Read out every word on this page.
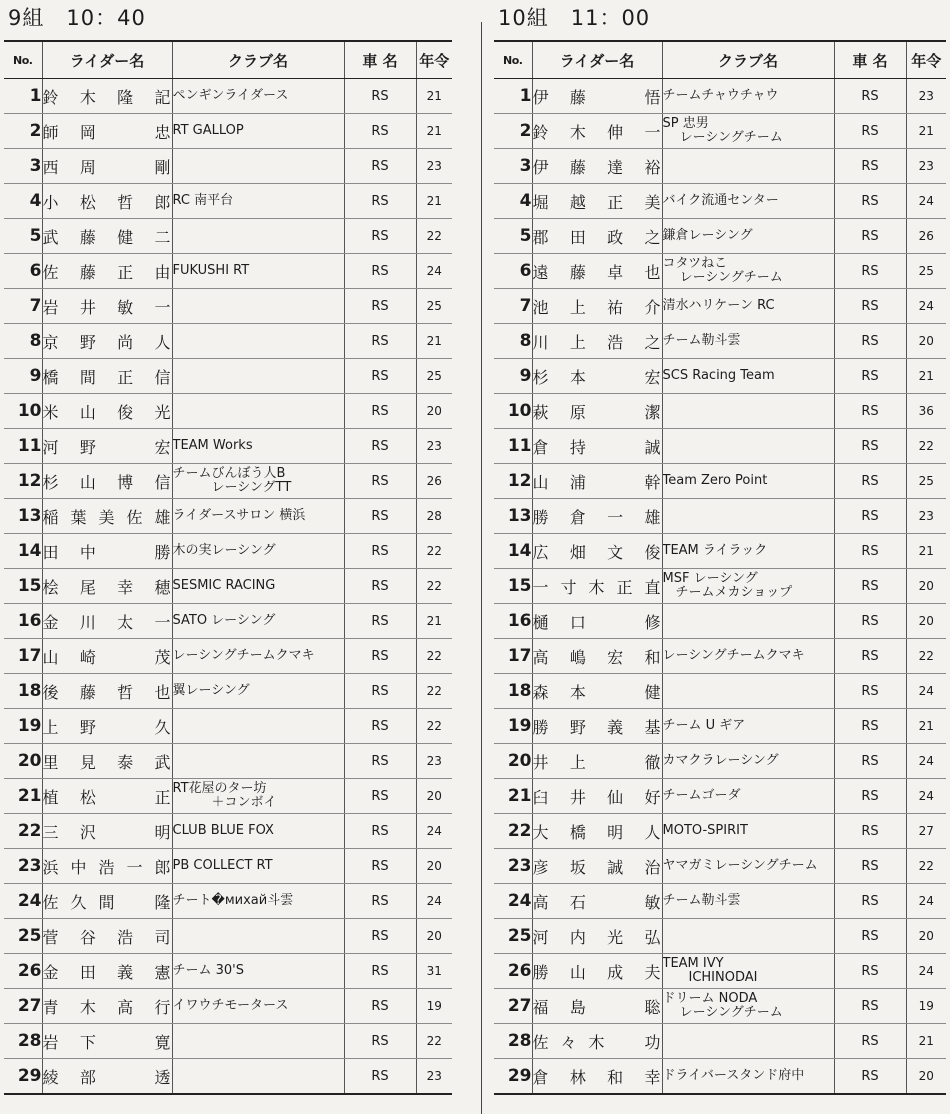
9組　10：40
No.	ライダー名	クラブ名	車 名	年令
1	鈴木隆記	ペンギンライダース	RS	21
2	師岡　忠	RT GALLOP	RS	21
3	西周　剛		RS	23
4	小松哲郎	RC 南平台	RS	21
5	武藤健二		RS	22
6	佐藤正由	FUKUSHI RT	RS	24
7	岩井敏一		RS	25
8	京野尚人		RS	21
9	橋間正信		RS	25
10	米山俊光		RS	20
11	河野　宏	TEAM Works	RS	23
12	杉山博信	チームびんぼう人B
　　　レーシングTT	RS	26
13	稲葉美佐雄	ライダースサロン 横浜	RS	28
14	田中　勝	木の実レーシング	RS	22
15	桧尾幸穂	SESMIC RACING	RS	22
16	金川太一	SATO レーシング	RS	21
17	山崎　茂	レーシングチームクマキ	RS	22
18	後藤哲也	翼レーシング	RS	22
19	上野　久		RS	22
20	里見泰武		RS	23
21	植松　正	RT花屋のター坊
　　　＋コンボイ	RS	20
22	三沢　明	CLUB BLUE FOX	RS	24
23	浜中浩一郎	PB COLLECT RT	RS	20
24	佐久間　隆	チート�михай斗雲	RS	24
25	菅谷浩司		RS	20
26	金田義憲	チーム 30'S	RS	31
27	青木高行	イワウチモータース	RS	19
28	岩下　寛		RS	22
29	綾部　透		RS	23
10組　11：00
No.	ライダー名	クラブ名	車 名	年令
1	伊藤　悟	チームチャウチャウ	RS	23
2	鈴木伸一	SP 忠男
　 レーシングチーム	RS	21
3	伊藤達裕		RS	23
4	堀越正美	バイク流通センター	RS	24
5	郡田政之	鎌倉レーシング	RS	26
6	遠藤卓也	コタツねこ
　 レーシングチーム	RS	25
7	池上祐介	清水ハリケーン RC	RS	24
8	川上浩之	チーム勒斗雲	RS	20
9	杉本　宏	SCS Racing Team	RS	21
10	萩原　潔		RS	36
11	倉持　誠		RS	22
12	山浦　幹	Team Zero Point	RS	25
13	勝倉一雄		RS	23
14	広畑文俊	TEAM ライラック	RS	21
15	一寸木正直	MSF レーシング
　チームメカショップ	RS	20
16	樋口　修		RS	20
17	高嶋宏和	レーシングチームクマキ	RS	22
18	森本　健		RS	24
19	勝野義基	チーム U ギア	RS	21
20	井上　徹	カマクラレーシング	RS	24
21	臼井仙好	チームゴーダ	RS	24
22	大橋明人	MOTO-SPIRIT	RS	27
23	彦坂誠治	ヤマガミレーシングチーム	RS	22
24	高石　敏	チーム勒斗雲	RS	24
25	河内光弘		RS	20
26	勝山成夫	TEAM IVY
　　ICHINODAI	RS	24
27	福島　聡	ドリーム NODA
　 レーシングチーム	RS	19
28	佐々木　功		RS	21
29	倉林和幸	ドライバースタンド府中	RS	20
